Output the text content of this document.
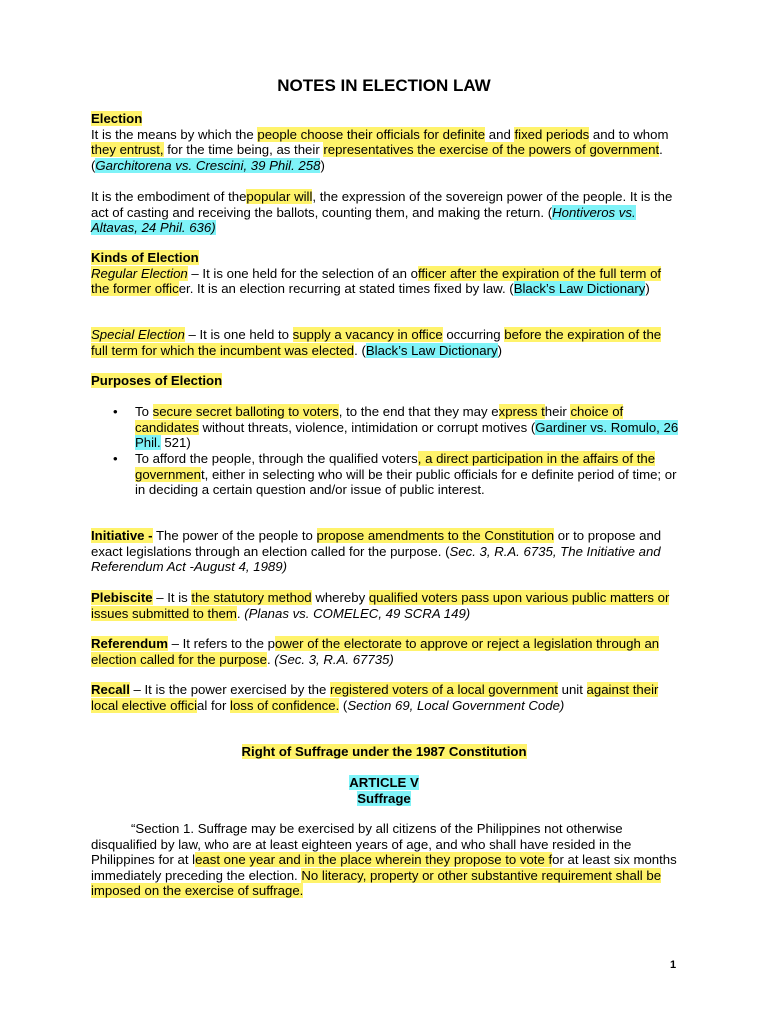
NOTES IN ELECTION LAW
Election
It is the means by which the people choose their officials for definite and fixed periods and to whom they entrust, for the time being, as their representatives the exercise of the powers of government. (Garchitorena vs. Crescini, 39 Phil. 258)
It is the embodiment of thepopular will, the expression of the sovereign power of the people. It is the act of casting and receiving the ballots, counting them, and making the return. (Hontiveros vs. Altavas, 24 Phil. 636)
Kinds of Election
Regular Election – It is one held for the selection of an officer after the expiration of the full term of the former officer. It is an election recurring at stated times fixed by law. (Black’s Law Dictionary)
Special Election – It is one held to supply a vacancy in office occurring before the expiration of the full term for which the incumbent was elected. (Black’s Law Dictionary)
Purposes of Election
• To secure secret balloting to voters, to the end that they may express their choice of candidates without threats, violence, intimidation or corrupt motives (Gardiner vs. Romulo, 26 Phil. 521)
• To afford the people, through the qualified voters, a direct participation in the affairs of the government, either in selecting who will be their public officials for e definite period of time; or in deciding a certain question and/or issue of public interest.
Initiative - The power of the people to propose amendments to the Constitution or to propose and exact legislations through an election called for the purpose. (Sec. 3, R.A. 6735, The Initiative and Referendum Act -August 4, 1989)
Plebiscite – It is the statutory method whereby qualified voters pass upon various public matters or issues submitted to them. (Planas vs. COMELEC, 49 SCRA 149)
Referendum – It refers to the power of the electorate to approve or reject a legislation through an election called for the purpose. (Sec. 3, R.A. 67735)
Recall – It is the power exercised by the registered voters of a local government unit against their local elective official for loss of confidence. (Section 69, Local Government Code)
Right of Suffrage under the 1987 Constitution
ARTICLE V
Suffrage
“Section 1. Suffrage may be exercised by all citizens of the Philippines not otherwise disqualified by law, who are at least eighteen years of age, and who shall have resided in the Philippines for at least one year and in the place wherein they propose to vote for at least six months immediately preceding the election. No literacy, property or other substantive requirement shall be imposed on the exercise of suffrage.
1
